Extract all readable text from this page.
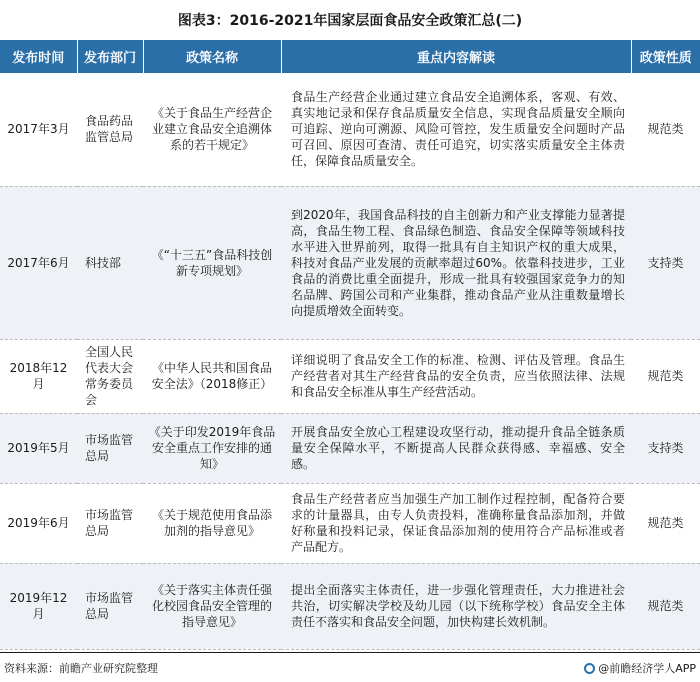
图表3：2016-2021年国家层面食品安全政策汇总(二)
发布时间	发布部门	政策名称	重点内容解读	政策性质
2017年3月	食品药品监管总局	《关于食品生产经营企业建立食品安全追溯体系的若干规定》	食品生产经营企业通过建立食品安全追溯体系，客观、有效、真实地记录和保存食品质量安全信息，实现食品质量安全顺向可追踪、逆向可溯源、风险可管控，发生质量安全问题时产品可召回、原因可查清、责任可追究，切实落实质量安全主体责任，保障食品质量安全。	规范类
2017年6月	科技部	《“十三五”食品科技创新专项规划》	到2020年，我国食品科技的自主创新力和产业支撑能力显著提高，食品生物工程、食品绿色制造、食品安全保障等领域科技水平进入世界前列，取得一批具有自主知识产权的重大成果，科技对食品产业发展的贡献率超过60%。依靠科技进步，工业食品的消费比重全面提升，形成一批具有较强国家竞争力的知名品牌、跨国公司和产业集群，推动食品产业从注重数量增长向提质增效全面转变。	支持类
2018年12月	全国人民代表大会常务委员会	《中华人民共和国食品安全法》（2018修正）	详细说明了食品安全工作的标准、检测、评估及管理。食品生产经营者对其生产经营食品的安全负责，应当依照法律、法规和食品安全标准从事生产经营活动。	规范类
2019年5月	市场监管总局	《关于印发2019年食品安全重点工作安排的通知》	开展食品安全放心工程建设攻坚行动，推动提升食品全链条质量安全保障水平，不断提高人民群众获得感、幸福感、安全感。	支持类
2019年6月	市场监管总局	《关于规范使用食品添加剂的指导意见》	食品生产经营者应当加强生产加工制作过程控制，配备符合要求的计量器具，由专人负责投料，准确称量食品添加剂，并做好称量和投料记录，保证食品添加剂的使用符合产品标准或者产品配方。	规范类
2019年12月	市场监管总局	《关于落实主体责任强化校园食品安全管理的指导意见》	提出全面落实主体责任，进一步强化管理责任，大力推进社会共治，切实解决学校及幼儿园（以下统称学校）食品安全主体责任不落实和食品安全问题，加快构建长效机制。	规范类
资料来源：前瞻产业研究院整理	@前瞻经济学人APP
